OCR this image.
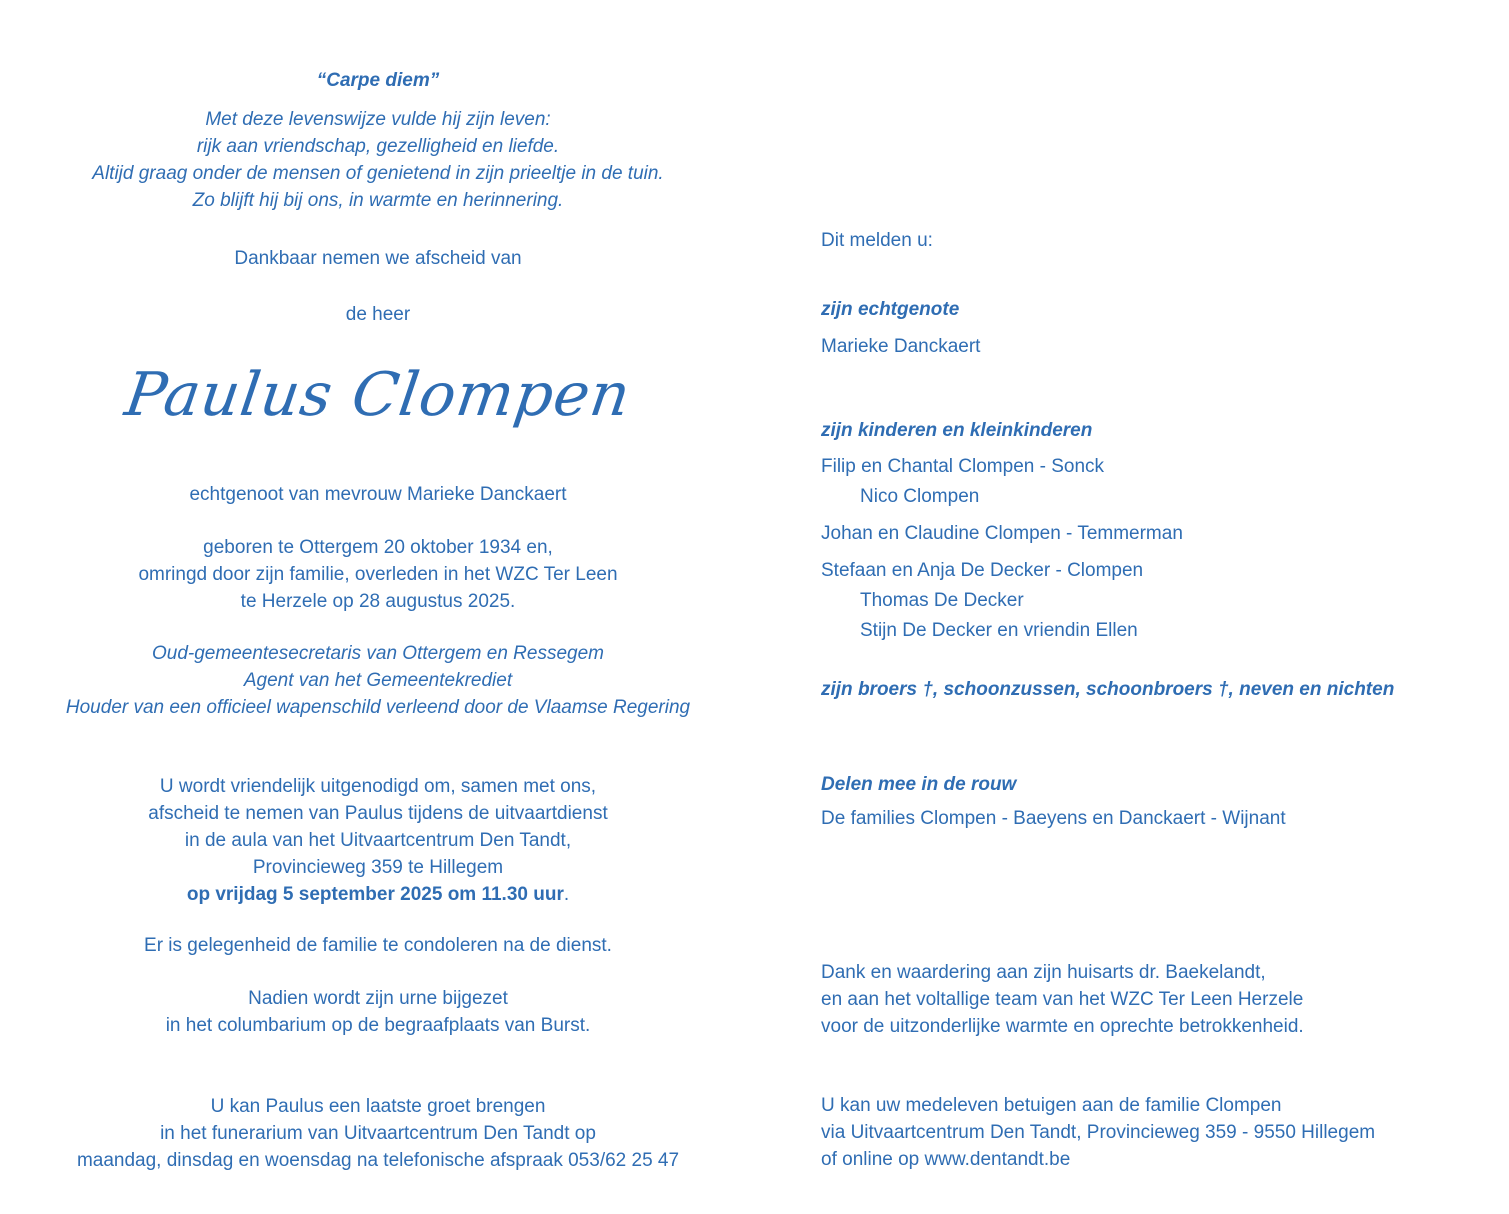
“Carpe diem”
Met deze levenswijze vulde hij zijn leven:
rijk aan vriendschap, gezelligheid en liefde.
Altijd graag onder de mensen of genietend in zijn prieeltje in de tuin.
Zo blijft hij bij ons, in warmte en herinnering.
Dankbaar nemen we afscheid van
de heer
Paulus Clompen
echtgenoot van mevrouw Marieke Danckaert
geboren te Ottergem 20 oktober 1934 en,
omringd door zijn familie, overleden in het WZC Ter Leen
te Herzele op 28 augustus 2025.
Oud-gemeentesecretaris van Ottergem en Ressegem
Agent van het Gemeentekrediet
Houder van een officieel wapenschild verleend door de Vlaamse Regering
U wordt vriendelijk uitgenodigd om, samen met ons,
afscheid te nemen van Paulus tijdens de uitvaartdienst
in de aula van het Uitvaartcentrum Den Tandt,
Provincieweg 359 te Hillegem
op vrijdag 5 september 2025 om 11.30 uur.
Er is gelegenheid de familie te condoleren na de dienst.
Nadien wordt zijn urne bijgezet
in het columbarium op de begraafplaats van Burst.
U kan Paulus een laatste groet brengen
in het funerarium van Uitvaartcentrum Den Tandt op
maandag, dinsdag en woensdag na telefonische afspraak 053/62 25 47
Dit melden u:
zijn echtgenote
Marieke Danckaert
zijn kinderen en kleinkinderen
Filip en Chantal Clompen - Sonck
Nico Clompen
Johan en Claudine Clompen - Temmerman
Stefaan en Anja De Decker - Clompen
Thomas De Decker
Stijn De Decker en vriendin Ellen
zijn broers †, schoonzussen, schoonbroers †, neven en nichten
Delen mee in de rouw
De families Clompen - Baeyens en Danckaert - Wijnant
Dank en waardering aan zijn huisarts dr. Baekelandt,
en aan het voltallige team van het WZC Ter Leen Herzele
voor de uitzonderlijke warmte en oprechte betrokkenheid.
U kan uw medeleven betuigen aan de familie Clompen
via Uitvaartcentrum Den Tandt, Provincieweg 359 - 9550 Hillegem
of online op www.dentandt.be
